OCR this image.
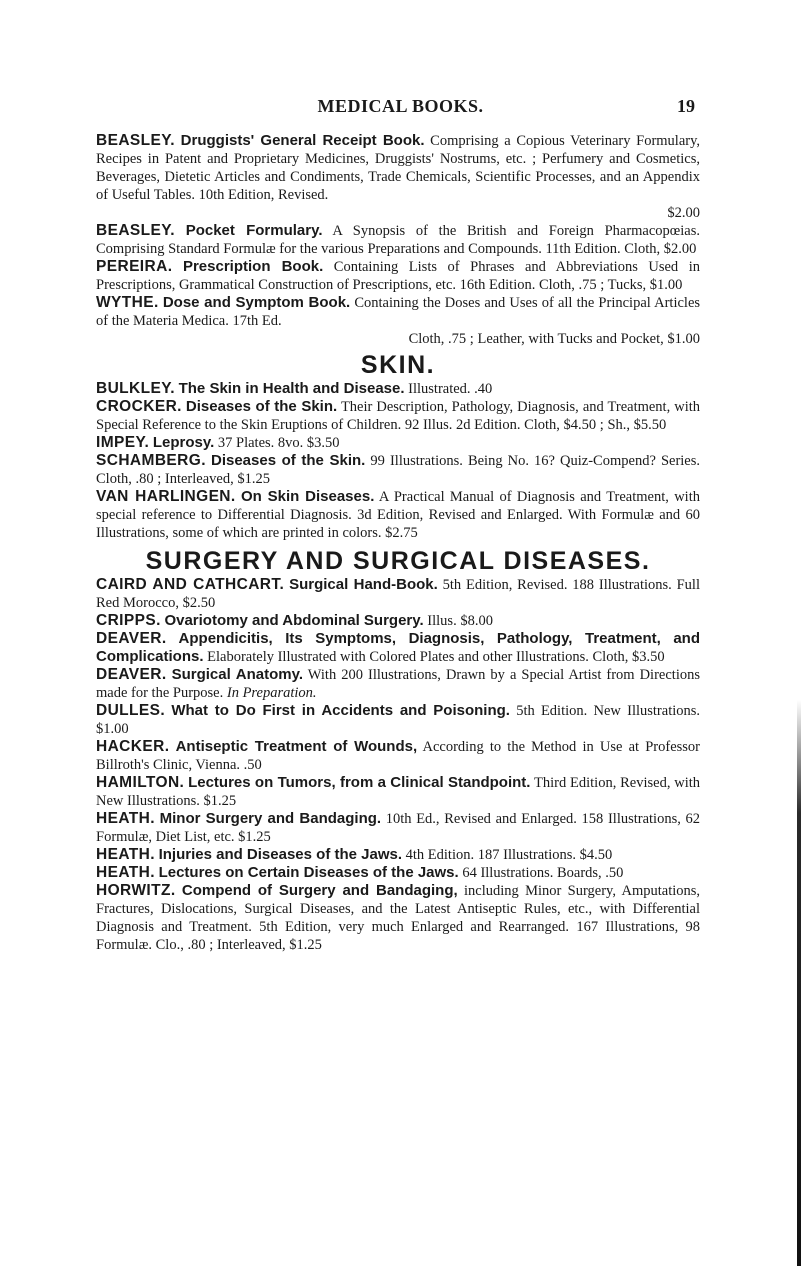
MEDICAL BOOKS.	19

BEASLEY. Druggists' General Receipt Book. Comprising a Copious Veterinary Formulary, Recipes in Patent and Proprietary Medicines, Druggists' Nostrums, etc. ; Perfumery and Cosmetics, Beverages, Dietetic Articles and Condiments, Trade Chemicals, Scientific Processes, and an Appendix of Useful Tables. 10th Edition, Revised.
$2.00

BEASLEY. Pocket Formulary. A Synopsis of the British and Foreign Pharmacopœias. Comprising Standard Formulæ for the various Preparations and Compounds. 11th Edition. Cloth, $2.00

PEREIRA. Prescription Book. Containing Lists of Phrases and Abbreviations Used in Prescriptions, Grammatical Construction of Prescriptions, etc. 16th Edition. Cloth, .75 ; Tucks, $1.00

WYTHE. Dose and Symptom Book. Containing the Doses and Uses of all the Principal Articles of the Materia Medica. 17th Ed.
Cloth, .75 ; Leather, with Tucks and Pocket, $1.00

SKIN.

BULKLEY. The Skin in Health and Disease. Illustrated. .40

CROCKER. Diseases of the Skin. Their Description, Pathology, Diagnosis, and Treatment, with Special Reference to the Skin Eruptions of Children. 92 Illus. 2d Edition. Cloth, $4.50 ; Sh., $5.50

IMPEY. Leprosy. 37 Plates. 8vo. $3.50

SCHAMBERG. Diseases of the Skin. 99 Illustrations. Being No. 16? Quiz-Compend? Series. Cloth, .80 ; Interleaved, $1.25

VAN HARLINGEN. On Skin Diseases. A Practical Manual of Diagnosis and Treatment, with special reference to Differential Diagnosis. 3d Edition, Revised and Enlarged. With Formulæ and 60 Illustrations, some of which are printed in colors. $2.75

SURGERY AND SURGICAL DISEASES.

CAIRD AND CATHCART. Surgical Hand-Book. 5th Edition, Revised. 188 Illustrations. Full Red Morocco, $2.50

CRIPPS. Ovariotomy and Abdominal Surgery. Illus. $8.00

DEAVER. Appendicitis, Its Symptoms, Diagnosis, Pathology, Treatment, and Complications. Elaborately Illustrated with Colored Plates and other Illustrations. Cloth, $3.50

DEAVER. Surgical Anatomy. With 200 Illustrations, Drawn by a Special Artist from Directions made for the Purpose. In Preparation.

DULLES. What to Do First in Accidents and Poisoning. 5th Edition. New Illustrations. $1.00

HACKER. Antiseptic Treatment of Wounds, According to the Method in Use at Professor Billroth's Clinic, Vienna. .50

HAMILTON. Lectures on Tumors, from a Clinical Standpoint. Third Edition, Revised, with New Illustrations. $1.25

HEATH. Minor Surgery and Bandaging. 10th Ed., Revised and Enlarged. 158 Illustrations, 62 Formulæ, Diet List, etc. $1.25

HEATH. Injuries and Diseases of the Jaws. 4th Edition. 187 Illustrations. $4.50

HEATH. Lectures on Certain Diseases of the Jaws. 64 Illustrations. Boards, .50

HORWITZ. Compend of Surgery and Bandaging, including Minor Surgery, Amputations, Fractures, Dislocations, Surgical Diseases, and the Latest Antiseptic Rules, etc., with Differential Diagnosis and Treatment. 5th Edition, very much Enlarged and Rearranged. 167 Illustrations, 98 Formulæ. Clo., .80 ; Interleaved, $1.25
